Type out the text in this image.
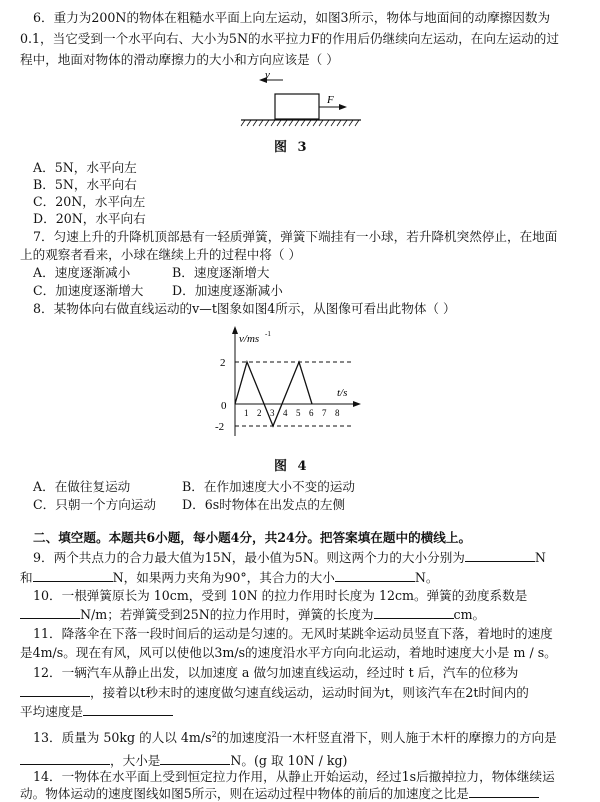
6．重力为200N的物体在粗糙水平面上向左运动，如图3所示，物体与地面间的动摩擦因数为
0.1，当它受到一个水平向右、大小为5N的水平拉力F的作用后仍继续向左运动，在向左运动的过
程中，地面对物体的滑动摩擦力的大小和方向应该是（ ）
v
F
图 3
A．5N，水平向左
B．5N，水平向右
C．20N，水平向左
D．20N，水平向右
7．匀速上升的升降机顶部悬有一轻质弹簧，弹簧下端挂有一小球，若升降机突然停止，在地面
上的观察者看来，小球在继续上升的过程中将（ ）
A．速度逐渐减小	B．速度逐渐增大
C．加速度逐渐增大 D．加速度逐渐减小
8．某物体向右做直线运动的v—t图象如图4所示，从图像可看出此物体（ ）
v/ms -1
t/s
2
0
-2
1 2 3 4 5 6 7 8
图 4
A．在做往复运动	B．在作加速度大小不变的运动
C．只朝一个方向运动 D．6s时物体在出发点的左侧
二、填空题。本题共6小题，每小题4分，共24分。把答案填在题中的横线上。
9．两个共点力的合力最大值为15N，最小值为5N。则这两个力的大小分别为	N
和	N，如果两力夹角为90°，其合力的大小	N。
10．一根弹簧原长为 10cm，受到 10N 的拉力作用时长度为 12cm。弹簧的劲度系数是
N/m；若弹簧受到25N的拉力作用时，弹簧的长度为	cm。
11．降落伞在下落一段时间后的运动是匀速的。无风时某跳伞运动员竖直下落，着地时的速度
是4m/s。现在有风，风可以使他以3m/s的速度沿水平方向向北运动，着地时速度大小是 m / s。
12．一辆汽车从静止出发，以加速度 a 做匀加速直线运动，经过时 t 后，汽车的位移为
，接着以t秒末时的速度做匀速直线运动，运动时间为t，则该汽车在2t时间内的
平均速度是
13．质量为 50kg 的人以 $4m/s^2$的加速度沿一木杆竖直滑下，则人施于木杆的摩擦力的方向是
，大小是	N。(g 取 10N / kg)
14．一物体在水平面上受到恒定拉力作用，从静止开始运动，经过1s后撤掉拉力，物体继续运
动。物体运动的速度图线如图5所示，则在运动过程中物体的前后的加速度之比是
